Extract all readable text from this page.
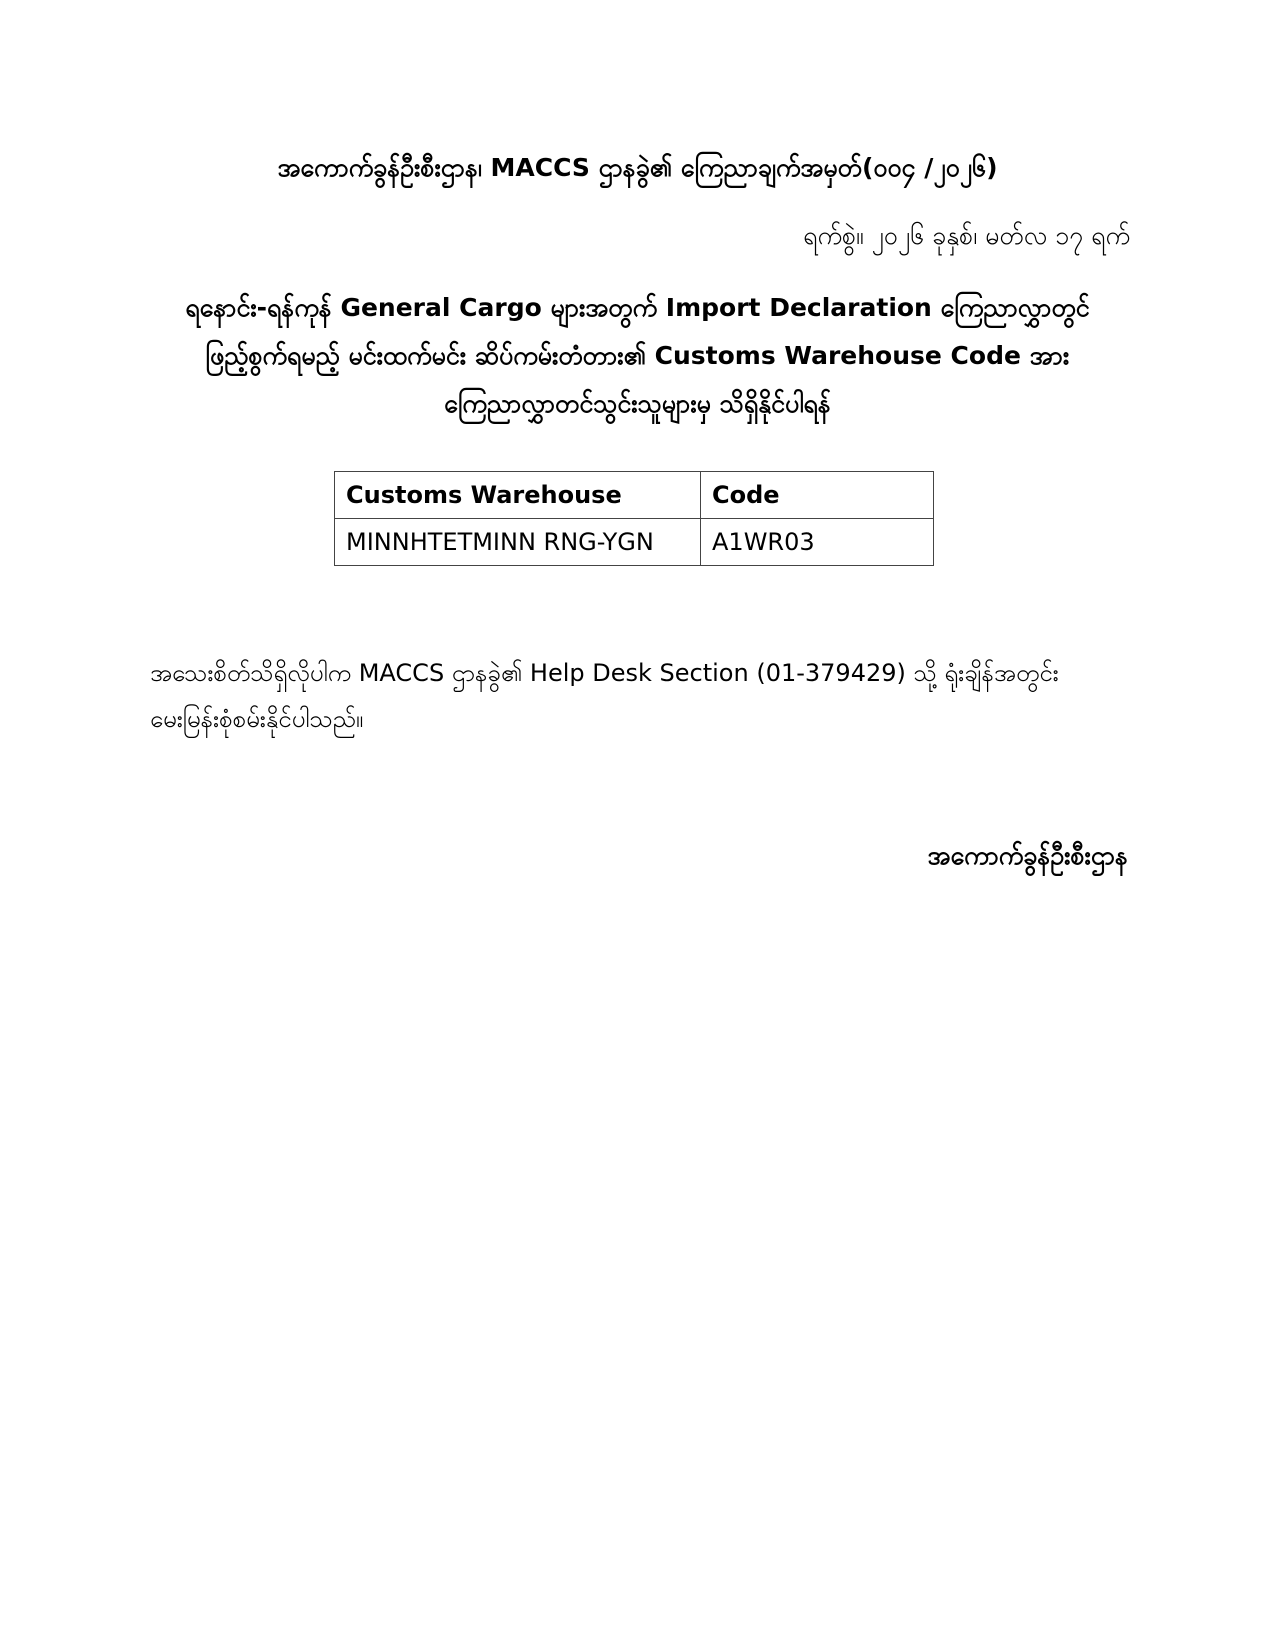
အကောက်ခွန်ဦးစီးဌာန၊ MACCS ဌာနခွဲ၏ ကြေညာချက်အမှတ်(၀၀၄ /၂၀၂၆)
ရက်စွဲ။ ၂၀၂၆ ခုနှစ်၊ မတ်လ ၁၇ ရက်
ရနောင်း-ရန်ကုန် General Cargo များအတွက် Import Declaration ကြေညာလွှာတွင်
ဖြည့်စွက်ရမည့် မင်းထက်မင်း ဆိပ်ကမ်းတံတား၏ Customs Warehouse Code အား
ကြေညာလွှာတင်သွင်းသူများမှ သိရှိနိုင်ပါရန်
Customs Warehouse	Code
MINNHTETMINN RNG-YGN	A1WR03
အသေးစိတ်သိရှိလိုပါက MACCS ဌာနခွဲ၏ Help Desk Section (01-379429) သို့ ရုံးချိန်အတွင်း
မေးမြန်းစုံစမ်းနိုင်ပါသည်။
အကောက်ခွန်ဦးစီးဌာန
